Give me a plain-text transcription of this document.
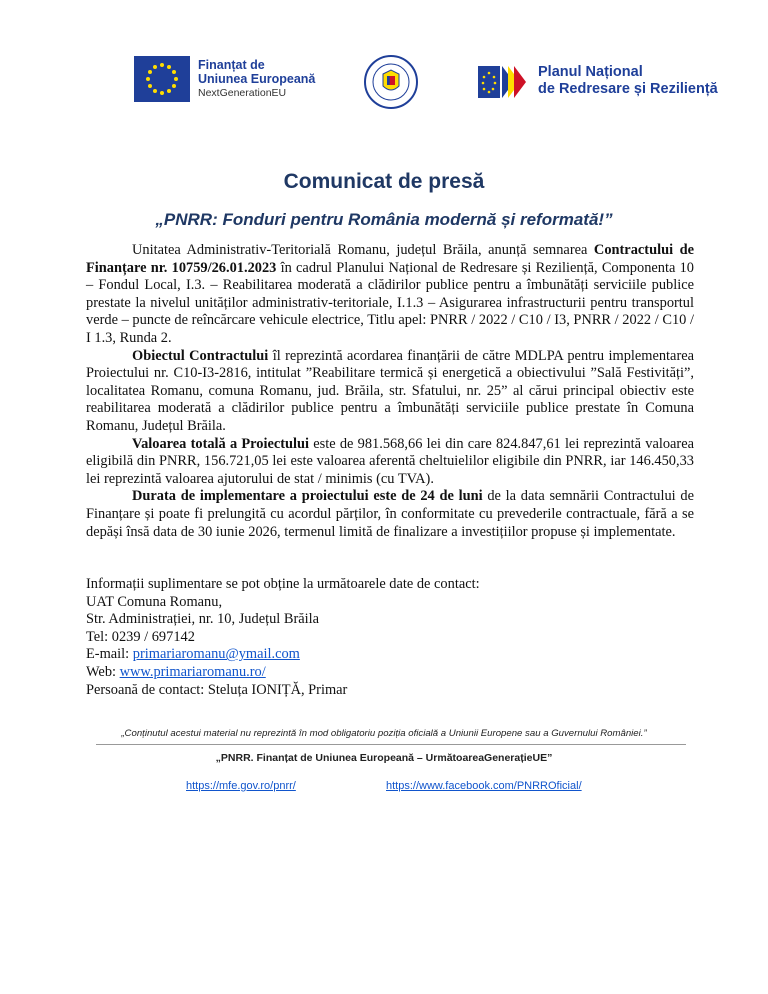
Finanțat de
Uniunea Europeană
NextGenerationEU
Planul Național
de Redresare și Reziliență
Comunicat de presă
„PNRR: Fonduri pentru România modernă și reformată!”

Unitatea Administrativ-Teritorială Romanu, județul Brăila, anunță semnarea Contractului de Finanțare nr. 10759/26.01.2023 în cadrul Planului Național de Redresare și Reziliență, Componenta 10 – Fondul Local, I.3. – Reabilitarea moderată a clădirilor publice pentru a îmbunătăți serviciile publice prestate la nivelul unităților administrativ-teritoriale, I.1.3 – Asigurarea infrastructurii pentru transportul verde – puncte de reîncărcare vehicule electrice, Titlu apel: PNRR / 2022 / C10 / I3, PNRR / 2022 / C10 / I 1.3, Runda 2.

Obiectul Contractului îl reprezintă acordarea finanțării de către MDLPA pentru implementarea Proiectului nr. C10-I3-2816, intitulat ”Reabilitare termică și energetică a obiectivului ”Sală Festivități”, localitatea Romanu, comuna Romanu, jud. Brăila, str. Sfatului, nr. 25” al cărui principal obiectiv este reabilitarea moderată a clădirilor publice pentru a îmbunătăți serviciile publice prestate în Comuna Romanu, Județul Brăila.

Valoarea totală a Proiectului este de 981.568,66 lei din care 824.847,61 lei reprezintă valoarea eligibilă din PNRR, 156.721,05 lei este valoarea aferentă cheltuielilor eligibile din PNRR, iar 146.450,33 lei reprezintă valoarea ajutorului de stat / minimis (cu TVA).

Durata de implementare a proiectului este de 24 de luni de la data semnării Contractului de Finanțare și poate fi prelungită cu acordul părților, în conformitate cu prevederile contractuale, fără a se depăși însă data de 30 iunie 2026, termenul limită de finalizare a investițiilor propuse și implementate.

Informații suplimentare se pot obține la următoarele date de contact:
UAT Comuna Romanu,
Str. Administrației, nr. 10, Județul Brăila
Tel: 0239 / 697142
E-mail: primariaromanu@ymail.com
Web: www.primariaromanu.ro/
Persoană de contact: Steluța IONIȚĂ, Primar
„Conținutul acestui material nu reprezintă în mod obligatoriu poziția oficială a Uniunii Europene sau a Guvernului României.”
„PNRR. Finanțat de Uniunea Europeană – UrmătoareaGenerațieUE”
https://mfe.gov.ro/pnrr/	https://www.facebook.com/PNRROficial/
